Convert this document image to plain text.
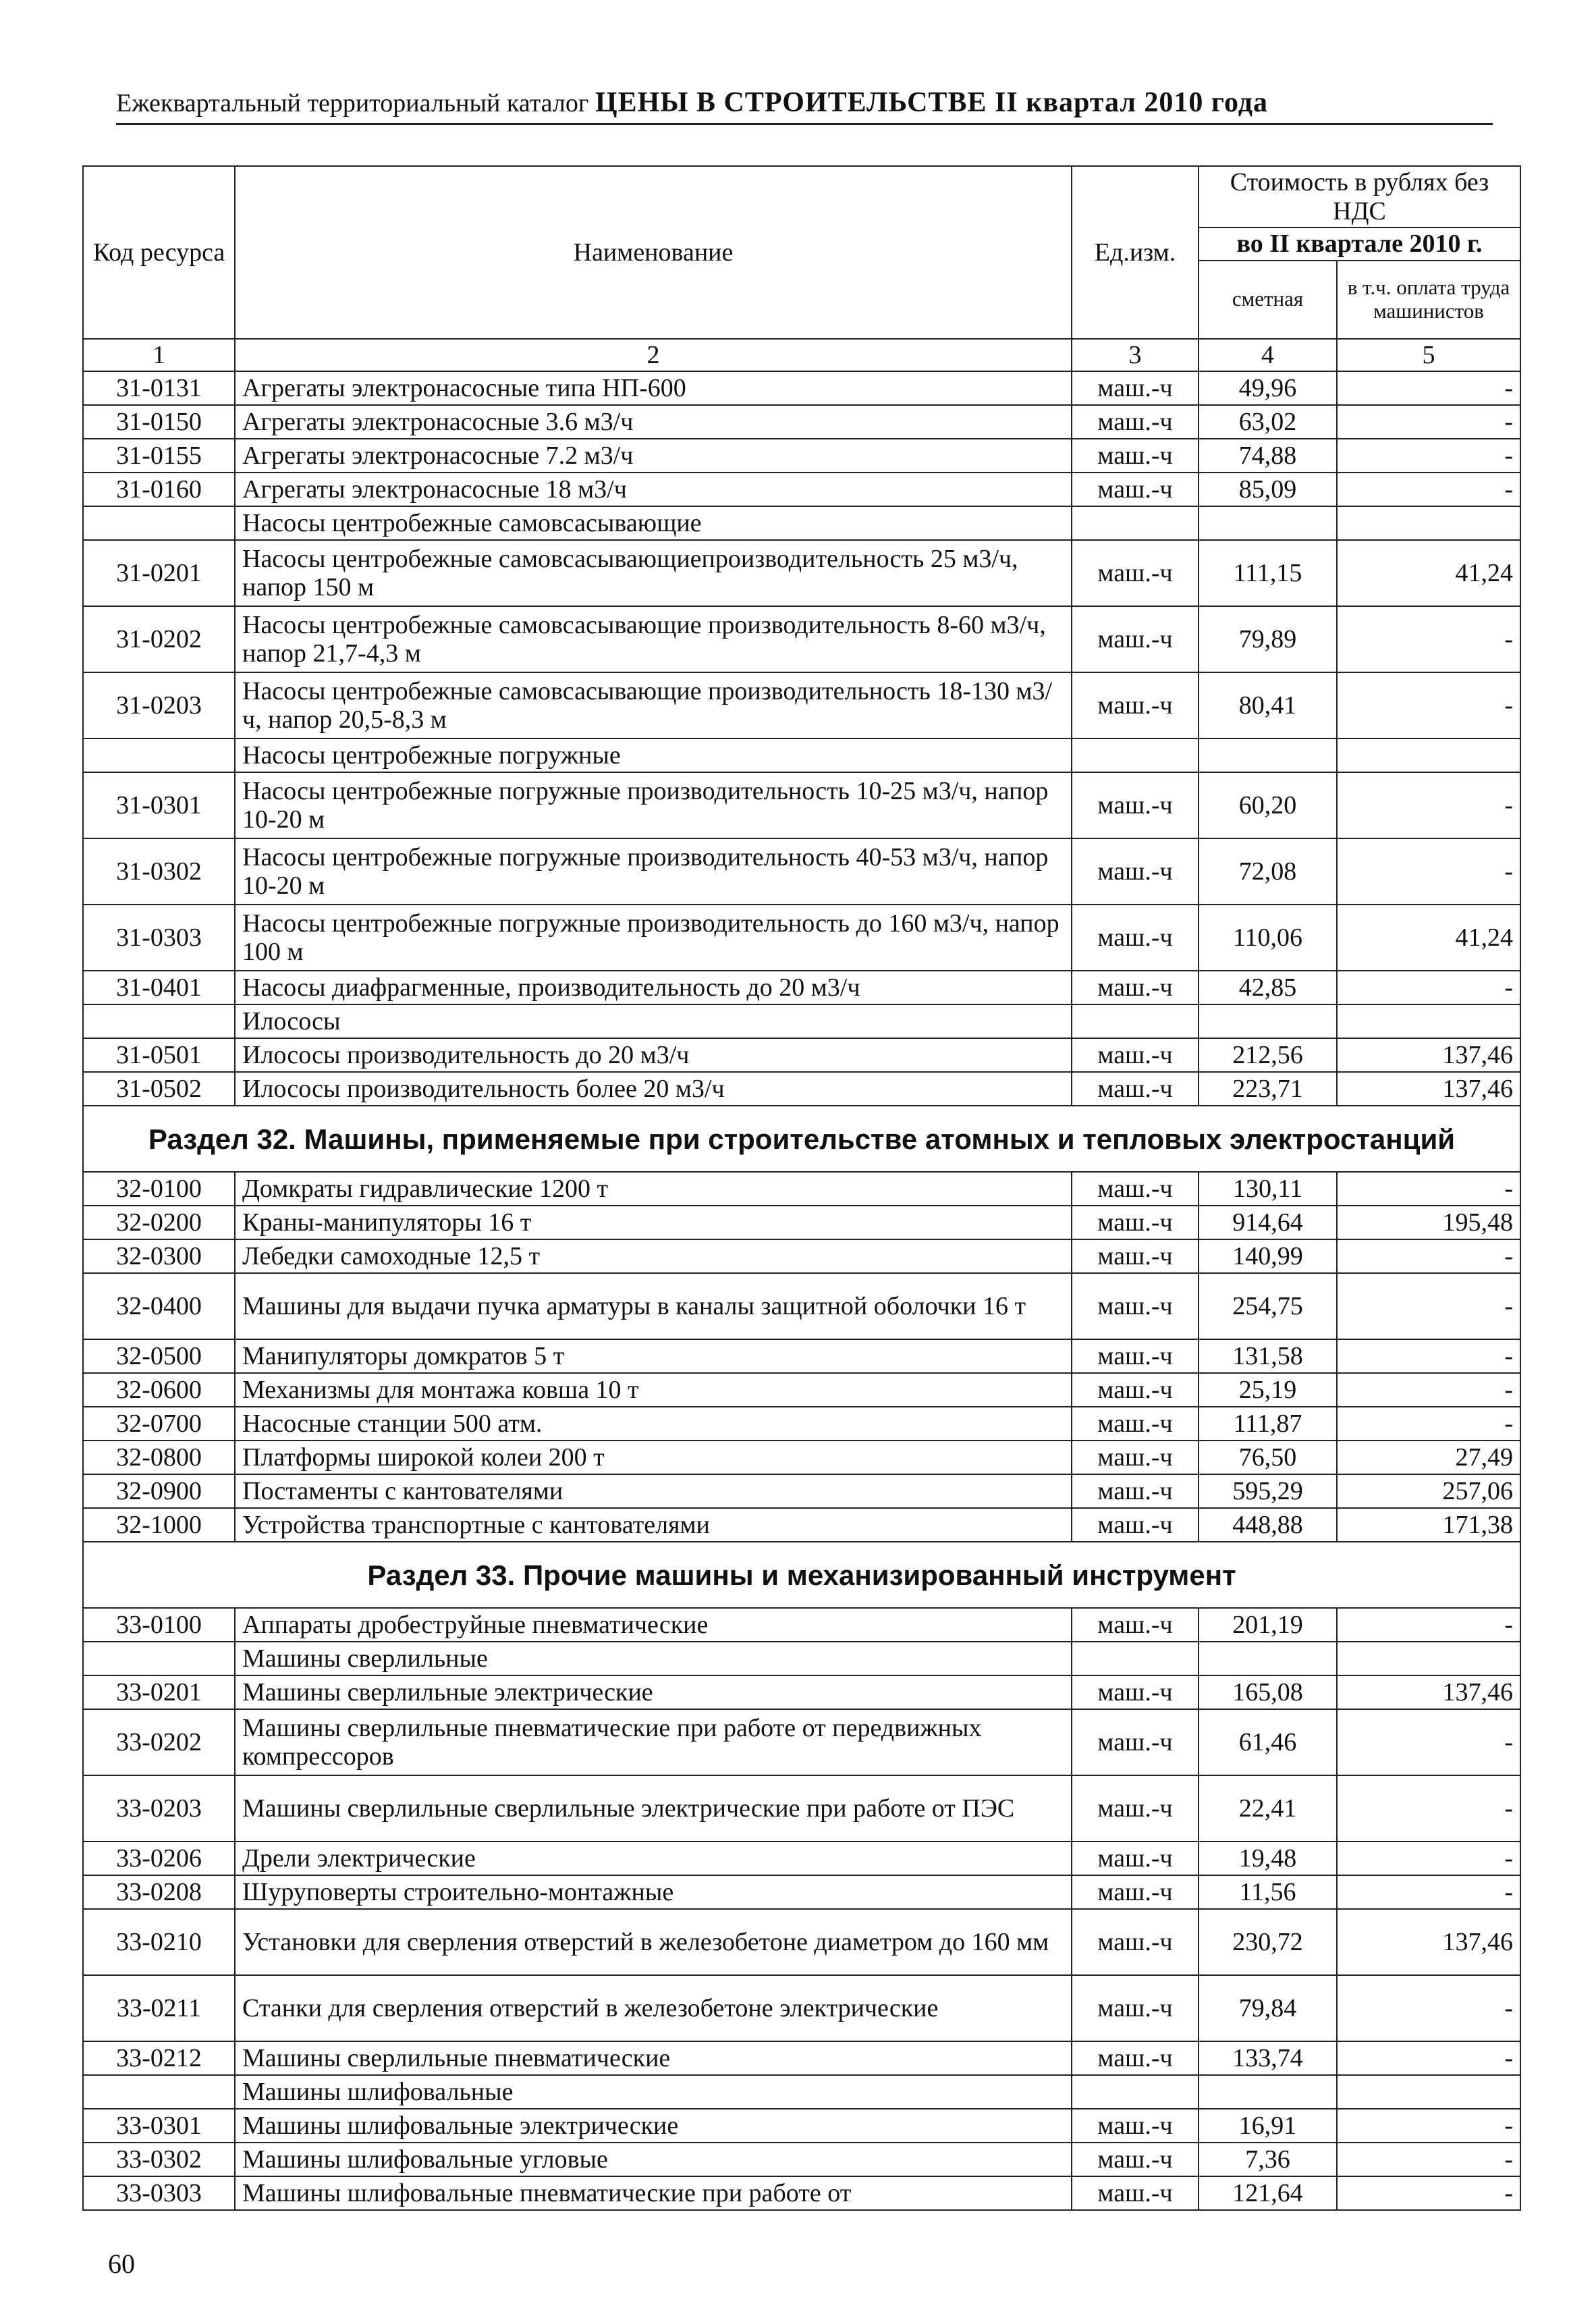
Ежеквартальный территориальный каталог ЦЕНЫ В СТРОИТЕЛЬСТВЕ II квартал 2010 года
Код ресурса	Наименование	Ед.изм.	Стоимость в рублях без НДС	
			во II квартале 2010 г.	
			сметная	в т.ч. оплата труда машинистов
1	2	3	4	5
31-0131	Агрегаты электронасосные типа НП-600	маш.-ч	49,96	-
31-0150	Агрегаты электронасосные 3.6 м3/ч	маш.-ч	63,02	-
31-0155	Агрегаты электронасосные 7.2 м3/ч	маш.-ч	74,88	-
31-0160	Агрегаты электронасосные 18 м3/ч	маш.-ч	85,09	-
	Насосы центробежные самовсасывающие			
31-0201	Насосы центробежные самовсасывающиепроизводительность 25 м3/ч, напор 150 м	маш.-ч	111,15	41,24
31-0202	Насосы центробежные самовсасывающие производительность 8-60 м3/ч, напор 21,7-4,3 м	маш.-ч	79,89	-
31-0203	Насосы центробежные самовсасывающие производительность 18-130 м3/ч, напор 20,5-8,3 м	маш.-ч	80,41	-
	Насосы центробежные погружные			
31-0301	Насосы центробежные погружные производительность 10-25 м3/ч, напор 10-20 м	маш.-ч	60,20	-
31-0302	Насосы центробежные погружные производительность 40-53 м3/ч, напор 10-20 м	маш.-ч	72,08	-
31-0303	Насосы центробежные погружные производительность до 160 м3/ч, напор 100 м	маш.-ч	110,06	41,24
31-0401	Насосы диафрагменные, производительность до 20 м3/ч	маш.-ч	42,85	-
	Илососы			
31-0501	Илососы производительность до 20 м3/ч	маш.-ч	212,56	137,46
31-0502	Илососы производительность более 20 м3/ч	маш.-ч	223,71	137,46
Раздел 32. Машины, применяемые при строительстве атомных и тепловых электростанций				
32-0100	Домкраты гидравлические 1200 т	маш.-ч	130,11	-
32-0200	Краны-манипуляторы 16 т	маш.-ч	914,64	195,48
32-0300	Лебедки самоходные 12,5 т	маш.-ч	140,99	-
32-0400	Машины для выдачи пучка арматуры в каналы защитной оболочки 16 т	маш.-ч	254,75	-
32-0500	Манипуляторы домкратов 5 т	маш.-ч	131,58	-
32-0600	Механизмы для монтажа ковша 10 т	маш.-ч	25,19	-
32-0700	Насосные станции 500 атм.	маш.-ч	111,87	-
32-0800	Платформы широкой колеи 200 т	маш.-ч	76,50	27,49
32-0900	Постаменты с кантователями	маш.-ч	595,29	257,06
32-1000	Устройства транспортные с кантователями	маш.-ч	448,88	171,38
Раздел 33. Прочие машины и механизированный инструмент				
33-0100	Аппараты дробеструйные пневматические	маш.-ч	201,19	-
	Машины сверлильные			
33-0201	Машины сверлильные электрические	маш.-ч	165,08	137,46
33-0202	Машины сверлильные пневматические при работе от передвижных компрессоров	маш.-ч	61,46	-
33-0203	Машины сверлильные сверлильные электрические при работе от ПЭС	маш.-ч	22,41	-
33-0206	Дрели электрические	маш.-ч	19,48	-
33-0208	Шуруповерты строительно-монтажные	маш.-ч	11,56	-
33-0210	Установки для сверления отверстий в железобетоне диаметром до 160 мм	маш.-ч	230,72	137,46
33-0211	Станки для сверления отверстий в железобетоне электрические	маш.-ч	79,84	-
33-0212	Машины сверлильные пневматические	маш.-ч	133,74	-
	Машины шлифовальные			
33-0301	Машины шлифовальные электрические	маш.-ч	16,91	-
33-0302	Машины шлифовальные угловые	маш.-ч	7,36	-
33-0303	Машины шлифовальные пневматические при работе от	маш.-ч	121,64	-
60
